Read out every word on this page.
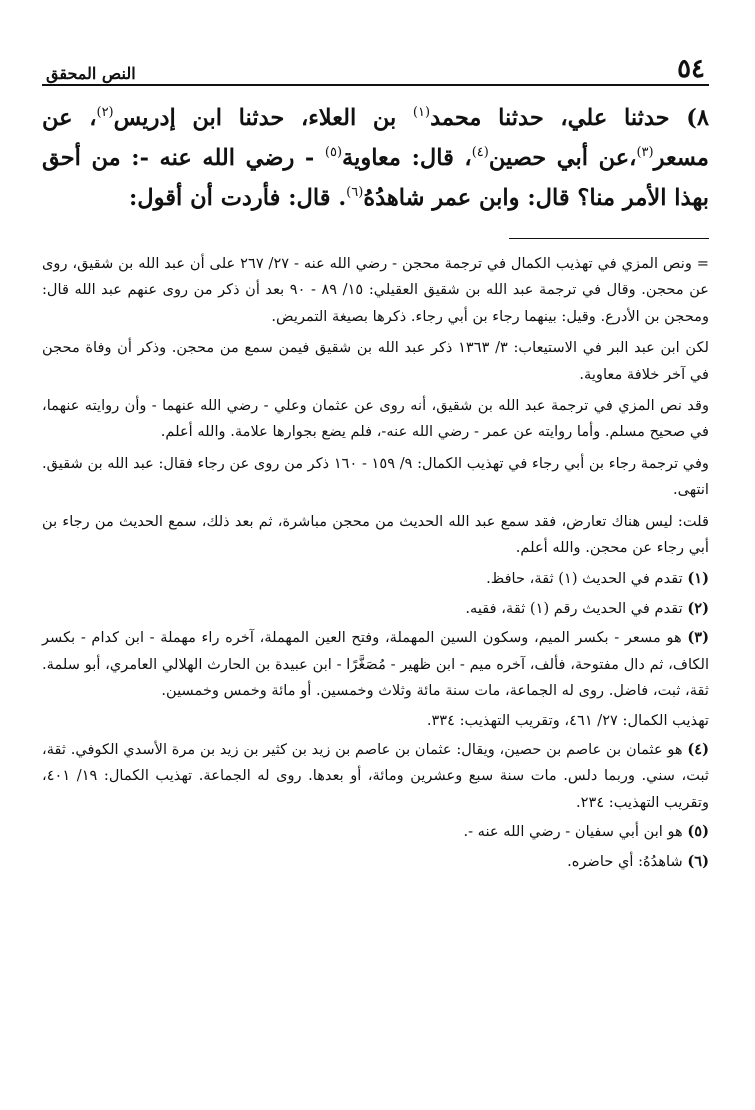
٥٤
النص المحقق
٨) حدثنا علي، حدثنا محمد$^{(١)}$ بن العلاء، حدثنا ابن إدريس$^{(٢)}$، عن مسعر$^{(٣)}$،عن أبي حصين$^{(٤)}$، قال: معاوية$^{(٥)}$ - رضي الله عنه -: من أحق بهذا الأمر منا؟ قال: وابن عمر شاهدُهُ$^{(٦)}$. قال: فأردت أن أقول:

= ونص المزي في تهذيب الكمال في ترجمة محجن - رضي الله عنه - ٢٧/ ٢٦٧ على أن عبد الله بن شقيق، روى عن محجن. وقال في ترجمة عبد الله بن شقيق العقيلي: ١٥/ ٨٩ - ٩٠ بعد أن ذكر من روى عنهم عبد الله قال: ومحجن بن الأدرع. وقيل: بينهما رجاء بن أبي رجاء. ذكرها بصيغة التمريض.

لكن ابن عبد البر في الاستيعاب: ٣/ ١٣٦٣ ذكر عبد الله بن شقيق فيمن سمع من محجن. وذكر أن وفاة محجن في آخر خلافة معاوية.

وقد نص المزي في ترجمة عبد الله بن شقيق، أنه روى عن عثمان وعلي - رضي الله عنهما - وأن روايته عنهما، في صحيح مسلم. وأما روايته عن عمر - رضي الله عنه-، فلم يضع بجوارها علامة. والله أعلم.

وفي ترجمة رجاء بن أبي رجاء في تهذيب الكمال: ٩/ ١٥٩ - ١٦٠ ذكر من روى عن رجاء فقال: عبد الله بن شقيق. انتهى.

قلت: ليس هناك تعارض، فقد سمع عبد الله الحديث من محجن مباشرة، ثم بعد ذلك، سمع الحديث من رجاء بن أبي رجاء عن محجن. والله أعلم.

(١) تقدم في الحديث (١) ثقة، حافظ.

(٢) تقدم في الحديث رقم (١) ثقة، فقيه.

(٣) هو مسعر - بكسر الميم، وسكون السين المهملة، وفتح العين المهملة، آخره راء مهملة - ابن كدام - بكسر الكاف، ثم دال مفتوحة، فألف، آخره ميم - ابن ظهير - مُصَغَّرًا - ابن عبيدة بن الحارث الهلالي العامري، أبو سلمة. ثقة، ثبت، فاضل. روى له الجماعة، مات سنة مائة وثلاث وخمسين. أو مائة وخمس وخمسين.

تهذيب الكمال: ٢٧/ ٤٦١، وتقريب التهذيب: ٣٣٤.

(٤) هو عثمان بن عاصم بن حصين، ويقال: عثمان بن عاصم بن زيد بن كثير بن زيد بن مرة الأسدي الكوفي. ثقة، ثبت، سني. وربما دلس. مات سنة سبع وعشرين ومائة، أو بعدها. روى له الجماعة. تهذيب الكمال: ١٩/ ٤٠١، وتقريب التهذيب: ٢٣٤.

(٥) هو ابن أبي سفيان - رضي الله عنه -.

(٦) شاهدُهُ: أي حاضره.
